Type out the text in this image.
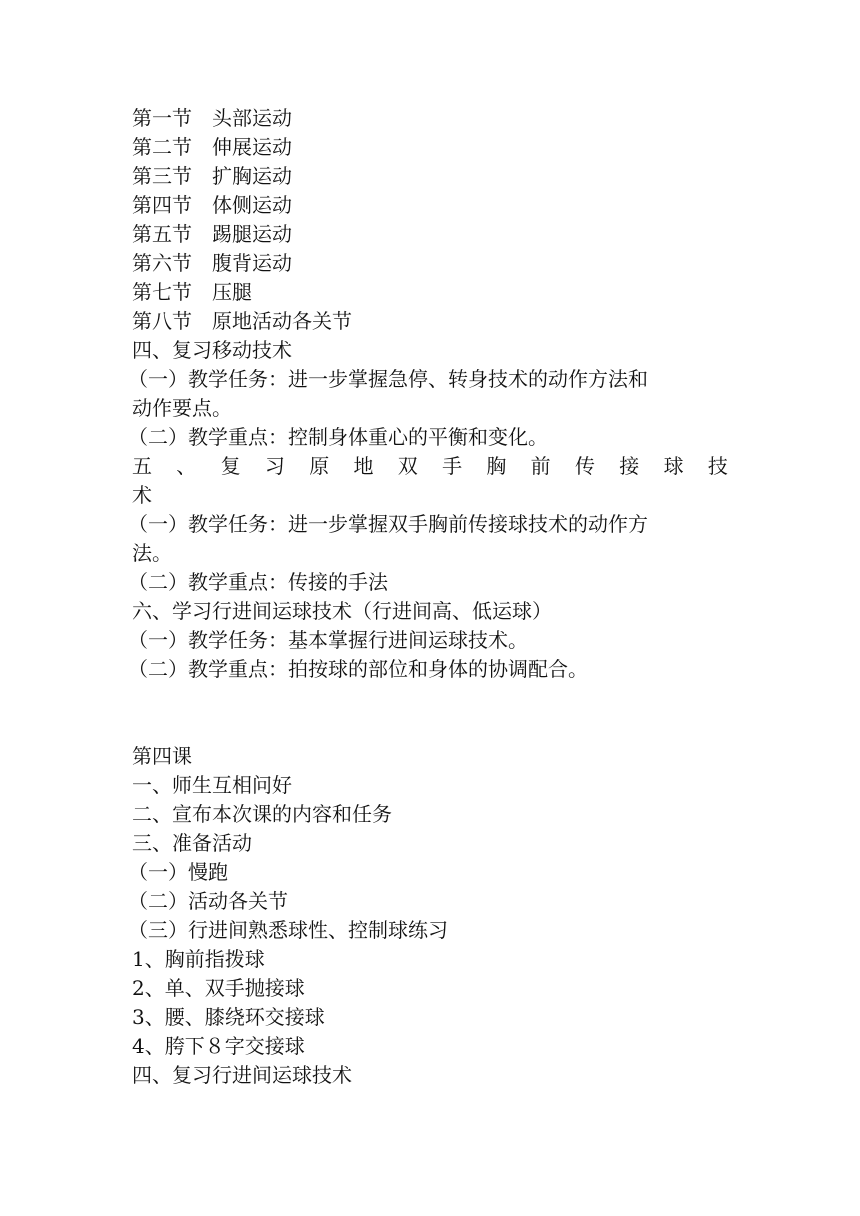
第一节　 头部运动
第二节　 伸展运动
第三节　 扩胸运动
第四节　 体侧运动
第五节　 踢腿运动
第六节　 腹背运动
第七节　 压腿
第八节　 原地活动各关节
四、复习移动技术
（一）教学任务：进一步掌握急停、转身技术的动作方法和
动作要点。
（二）教学重点：控制身体重心的平衡和变化。
五 、 复 习 原 地 双 手 胸 前 传 接 球 技
术
（一）教学任务：进一步掌握双手胸前传接球技术的动作方
法。
（二）教学重点：传接的手法
六、学习行进间运球技术（行进间高、低运球）
（一）教学任务：基本掌握行进间运球技术。
（二）教学重点：拍按球的部位和身体的协调配合。
第四课
一、师生互相问好
二、宣布本次课的内容和任务
三、准备活动
（一）慢跑
（二）活动各关节
（三）行进间熟悉球性、控制球练习
1、胸前指拨球
2、单、双手抛接球
3、腰、膝绕环交接球
4、胯下８字交接球
四、复习行进间运球技术
